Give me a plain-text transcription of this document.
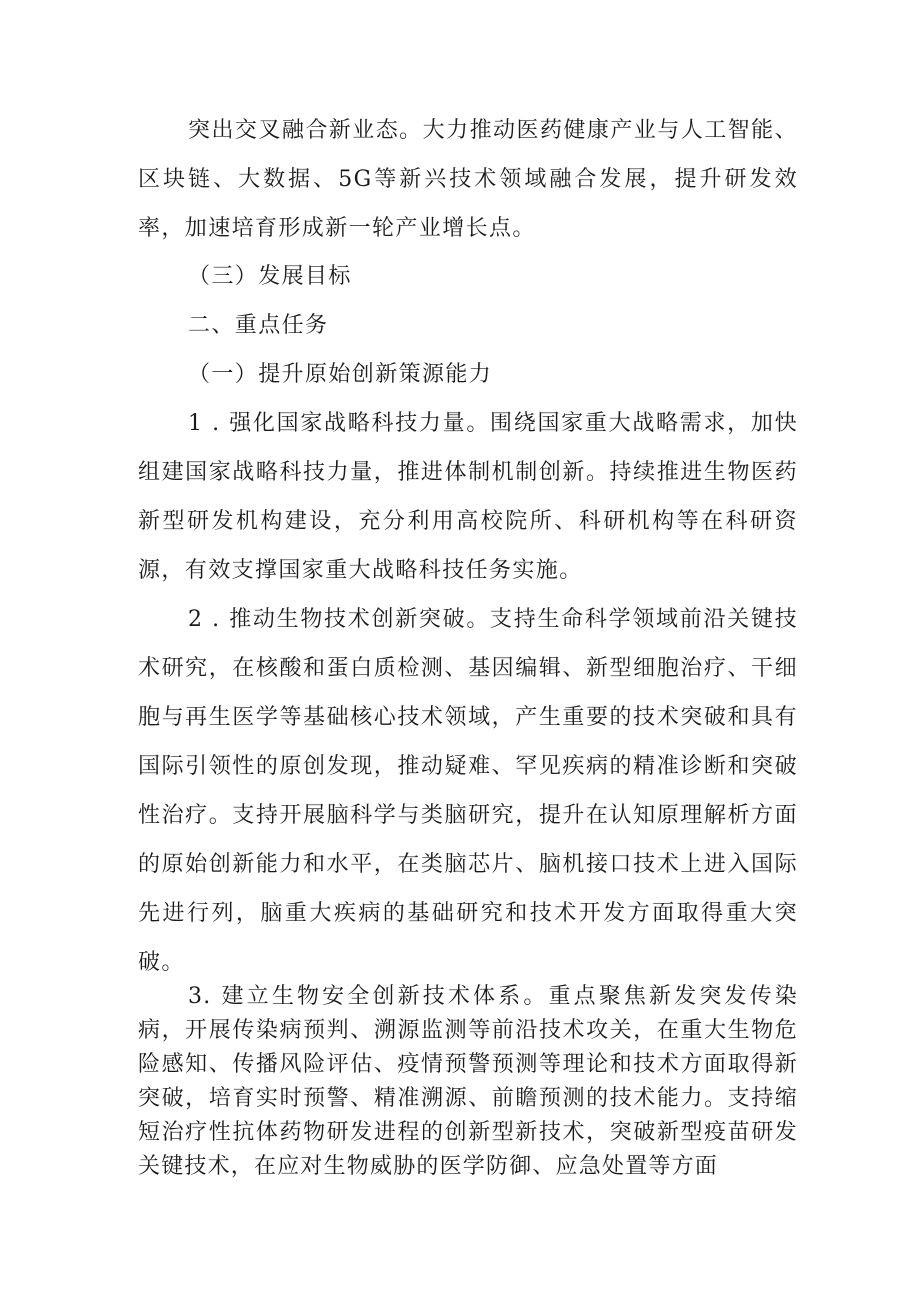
突出交叉融合新业态。大力推动医药健康产业与人工智能、区块链、大数据、5G等新兴技术领域融合发展，提升研发效率，加速培育形成新一轮产业增长点。

（三）发展目标

二、重点任务

（一）提升原始创新策源能力

1 . 强化国家战略科技力量。围绕国家重大战略需求，加快组建国家战略科技力量，推进体制机制创新。持续推进生物医药新型研发机构建设，充分利用高校院所、科研机构等在科研资源，有效支撑国家重大战略科技任务实施。

2 . 推动生物技术创新突破。支持生命科学领域前沿关键技术研究，在核酸和蛋白质检测、基因编辑、新型细胞治疗、干细胞与再生医学等基础核心技术领域，产生重要的技术突破和具有国际引领性的原创发现，推动疑难、罕见疾病的精准诊断和突破性治疗。支持开展脑科学与类脑研究，提升在认知原理解析方面的原始创新能力和水平，在类脑芯片、脑机接口技术上进入国际先进行列，脑重大疾病的基础研究和技术开发方面取得重大突破。

3. 建立生物安全创新技术体系。重点聚焦新发突发传染病，开展传染病预判、溯源监测等前沿技术攻关，在重大生物危险感知、传播风险评估、疫情预警预测等理论和技术方面取得新突破，培育实时预警、精准溯源、前瞻预测的技术能力。支持缩短治疗性抗体药物研发进程的创新型新技术，突破新型疫苗研发关键技术，在应对生物威胁的医学防御、应急处置等方面
